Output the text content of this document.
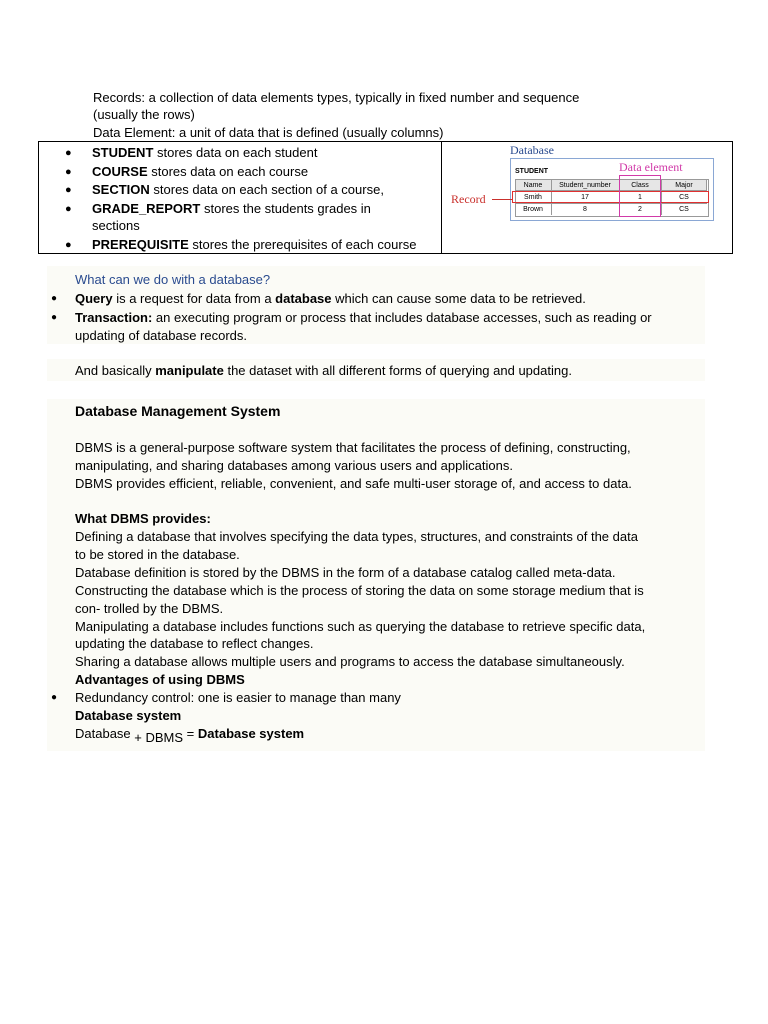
Records: a collection of data elements types, typically in fixed number and sequence
(usually the rows)
Data Element: a unit of data that is defined (usually columns)
● STUDENT stores data on each student
● COURSE stores data on each course
● SECTION stores data on each section of a course,
● GRADE_REPORT stores the students grades in
sections
● PREREQUISITE stores the prerequisites of each course
Database
Data element
Record
STUDENT
Name	Student_number	Class	Major
Smith	17	1	CS
Brown	8	2	CS
What can we do with a database?
● Query is a request for data from a database which can cause some data to be retrieved.
● Transaction: an executing program or process that includes database accesses, such as reading or
updating of database records.
And basically manipulate the dataset with all different forms of querying and updating.
Database Management System
DBMS is a general-purpose software system that facilitates the process of defining, constructing,
manipulating, and sharing databases among various users and applications.
DBMS provides efficient, reliable, convenient, and safe multi-user storage of, and access to data.
What DBMS provides:
Defining a database that involves specifying the data types, structures, and constraints of the data
to be stored in the database.
Database definition is stored by the DBMS in the form of a database catalog called meta-data.
Constructing the database which is the process of storing the data on some storage medium that is
con- trolled by the DBMS.
Manipulating a database includes functions such as querying the database to retrieve specific data,
updating the database to reflect changes.
Sharing a database allows multiple users and programs to access the database simultaneously.
Advantages of using DBMS
● Redundancy control: one is easier to manage than many
Database system
Database + DBMS = Database system
